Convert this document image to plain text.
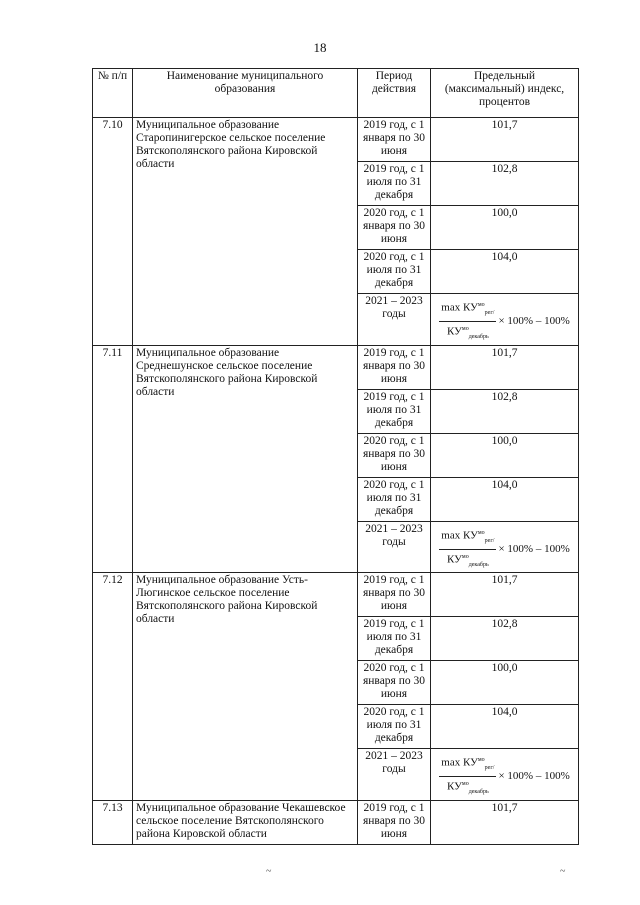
18
№ п/п	Наименование муниципального образования	Период действия	Предельный (максимальный) индекс, процентов
7.10	Муниципальное образование Старопинигерское сельское поселение Вятскополянского района Кировской области	2019 год, с 1 января по 30 июня	101,7
		2019 год, с 1 июля по 31 декабря	102,8
		2020 год, с 1 января по 30 июня	100,0
		2020 год, с 1 июля по 31 декабря	104,0
		2021 – 2023 годы	$\frac{\max КУ^{мо}_{рег/}}{КУ^{мо}_{декабрь}} \times 100\% - 100\%$

7.11	Муниципальное образование Среднешунское сельское поселение Вятскополянского района Кировской области	2019 год, с 1 января по 30 июня	101,7
		2019 год, с 1 июля по 31 декабря	102,8
		2020 год, с 1 января по 30 июня	100,0
		2020 год, с 1 июля по 31 декабря	104,0
		2021 – 2023 годы	$\frac{\max КУ^{мо}_{рег/}}{КУ^{мо}_{декабрь}} \times 100\% - 100\%$

7.12	Муниципальное образование Усть-Люгинское сельское поселение Вятскополянского района Кировской области	2019 год, с 1 января по 30 июня	101,7
		2019 год, с 1 июля по 31 декабря	102,8
		2020 год, с 1 января по 30 июня	100,0
		2020 год, с 1 июля по 31 декабря	104,0
		2021 – 2023 годы	$\frac{\max КУ^{мо}_{рег/}}{КУ^{мо}_{декабрь}} \times 100\% - 100\%$

7.13	Муниципальное образование Чекашевское сельское поселение Вятскополянского района Кировской области	2019 год, с 1 января по 30 июня	101,7
~	~
